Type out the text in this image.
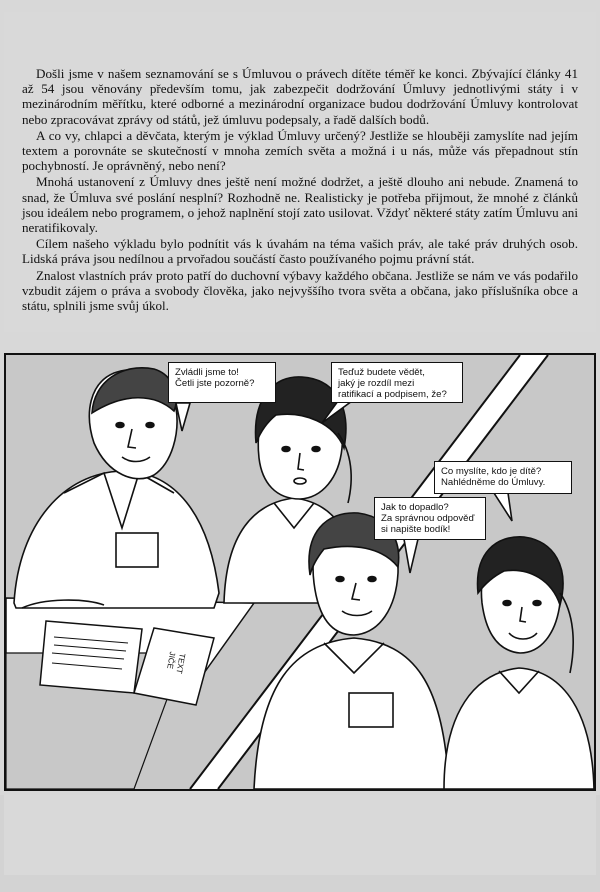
Došli jsme v našem seznamování se s Úmluvou o právech dítěte téměř ke konci. Zbývající články 41 až 54 jsou věnovány především tomu, jak zabezpečit dodržování Úmluvy jednotlivými státy i v mezinárodním měřítku, které odborné a mezinárodní organizace budou dodržování Úmluvy kontrolovat nebo zpracovávat zprávy od států, jež úmluvu podepsaly, a řadě dalších bodů.

A co vy, chlapci a děvčata, kterým je výklad Úmluvy určený? Jestliže se hlouběji zamyslíte nad jejím textem a porovnáte se skutečností v mnoha zemích světa a možná i u nás, může vás přepadnout stín pochybností. Je oprávněný, nebo není?

Mnohá ustanovení z Úmluvy dnes ještě není možné dodržet, a ještě dlouho ani nebude. Znamená to snad, že Úmluva své poslání nesplní? Rozhodně ne. Realisticky je potřeba přijmout, že mnohé z článků jsou ideálem nebo programem, o jehož naplnění stojí zato usilovat. Vždyť některé státy zatím Úmluvu ani neratifikovaly.

Cílem našeho výkladu bylo podnítit vás k úvahám na téma vašich práv, ale také práv druhých osob. Lidská práva jsou nedílnou a prvořadou součástí často používaného pojmu právní stát.

Znalost vlastních práv proto patří do duchovní výbavy každého občana. Jestliže se nám ve vás podařilo vzbudit zájem o práva a svobody člověka, jako nejvyššího tvora světa a občana, jako příslušníka obce a státu, splnili jsme svůj úkol.

TEXT
JIČE
Zvládli jsme to!
Četli jste pozorně?
Teďuž budete vědět,
jaký je rozdíl mezi
ratifikací a podpisem, že?
Co myslíte, kdo je dítě?
Nahlédněme do Úmluvy.
Jak to dopadlo?
Za správnou odpověď
si napište bodík!
